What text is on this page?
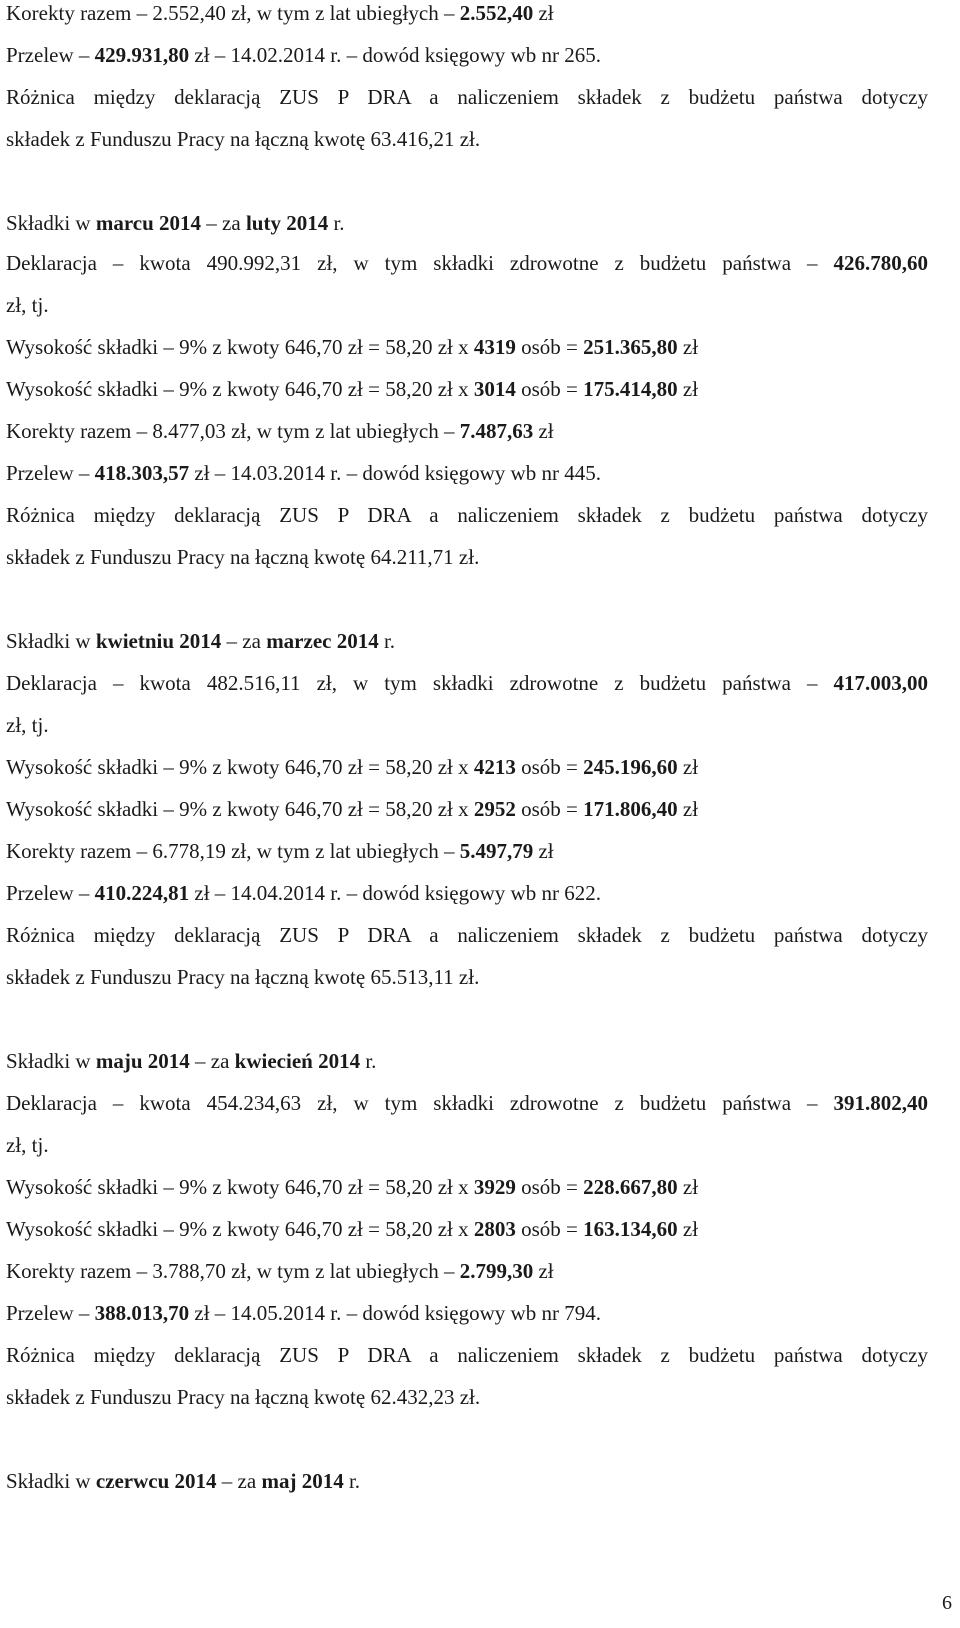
Korekty razem – 2.552,40 zł, w tym z lat ubiegłych – 2.552,40 zł
Przelew – 429.931,80 zł – 14.02.2014 r. – dowód księgowy wb nr 265.
Różnica między deklaracją ZUS P DRA a naliczeniem składek z budżetu państwa dotyczy
składek z Funduszu Pracy na łączną kwotę 63.416,21 zł.
Składki w marcu 2014 – za luty 2014 r.
Deklaracja – kwota 490.992,31 zł, w tym składki zdrowotne z budżetu państwa – 426.780,60
zł, tj.
Wysokość składki – 9% z kwoty 646,70 zł = 58,20 zł x 4319 osób = 251.365,80 zł
Wysokość składki – 9% z kwoty 646,70 zł = 58,20 zł x 3014 osób = 175.414,80 zł
Korekty razem – 8.477,03 zł, w tym z lat ubiegłych – 7.487,63 zł
Przelew – 418.303,57 zł – 14.03.2014 r. – dowód księgowy wb nr 445.
Różnica między deklaracją ZUS P DRA a naliczeniem składek z budżetu państwa dotyczy
składek z Funduszu Pracy na łączną kwotę 64.211,71 zł.
Składki w kwietniu 2014 – za marzec 2014 r.
Deklaracja – kwota 482.516,11 zł, w tym składki zdrowotne z budżetu państwa – 417.003,00
zł, tj.
Wysokość składki – 9% z kwoty 646,70 zł = 58,20 zł x 4213 osób = 245.196,60 zł
Wysokość składki – 9% z kwoty 646,70 zł = 58,20 zł x 2952 osób = 171.806,40 zł
Korekty razem – 6.778,19 zł, w tym z lat ubiegłych – 5.497,79 zł
Przelew – 410.224,81 zł – 14.04.2014 r. – dowód księgowy wb nr 622.
Różnica między deklaracją ZUS P DRA a naliczeniem składek z budżetu państwa dotyczy
składek z Funduszu Pracy na łączną kwotę 65.513,11 zł.
Składki w maju 2014 – za kwiecień 2014 r.
Deklaracja – kwota 454.234,63 zł, w tym składki zdrowotne z budżetu państwa – 391.802,40
zł, tj.
Wysokość składki – 9% z kwoty 646,70 zł = 58,20 zł x 3929 osób = 228.667,80 zł
Wysokość składki – 9% z kwoty 646,70 zł = 58,20 zł x 2803 osób = 163.134,60 zł
Korekty razem – 3.788,70 zł, w tym z lat ubiegłych – 2.799,30 zł
Przelew – 388.013,70 zł – 14.05.2014 r. – dowód księgowy wb nr 794.
Różnica między deklaracją ZUS P DRA a naliczeniem składek z budżetu państwa dotyczy
składek z Funduszu Pracy na łączną kwotę 62.432,23 zł.
Składki w czerwcu 2014 – za maj 2014 r.
6
